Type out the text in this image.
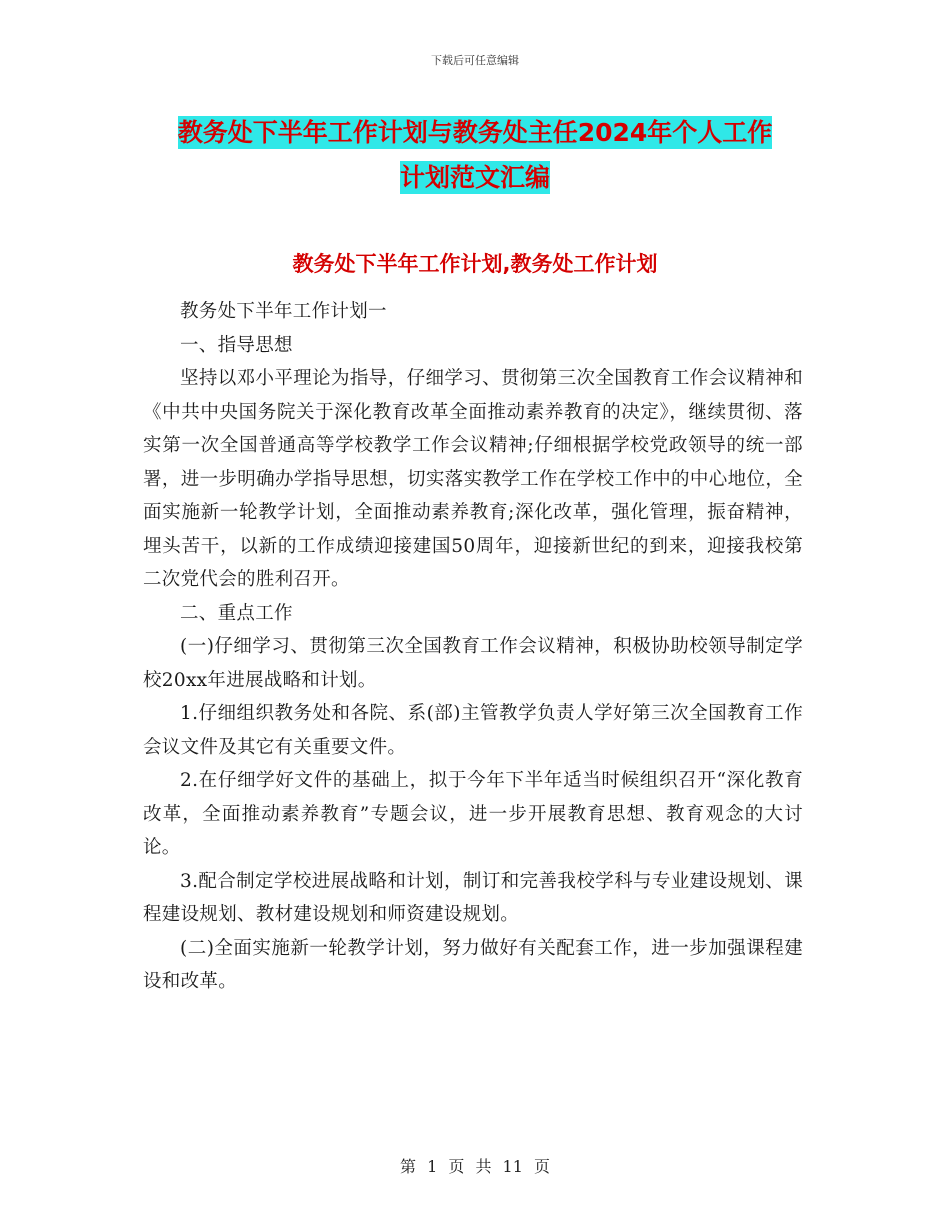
下载后可任意编辑
教务处下半年工作计划与教务处主任2024年个人工作
计划范文汇编
教务处下半年工作计划,教务处工作计划

教务处下半年工作计划一

一、指导思想

坚持以邓小平理论为指导，仔细学习、贯彻第三次全国教育工作会议精神和《中共中央国务院关于深化教育改革全面推动素养教育的决定》，继续贯彻、落实第一次全国普通高等学校教学工作会议精神;仔细根据学校党政领导的统一部署，进一步明确办学指导思想，切实落实教学工作在学校工作中的中心地位，全面实施新一轮教学计划，全面推动素养教育;深化改革，强化管理，振奋精神，埋头苦干，以新的工作成绩迎接建国50周年，迎接新世纪的到来，迎接我校第二次党代会的胜利召开。

二、重点工作

(一)仔细学习、贯彻第三次全国教育工作会议精神，积极协助校领导制定学校20xx年进展战略和计划。

1.仔细组织教务处和各院、系(部)主管教学负责人学好第三次全国教育工作会议文件及其它有关重要文件。

2.在仔细学好文件的基础上，拟于今年下半年适当时候组织召开“深化教育改革，全面推动素养教育”专题会议，进一步开展教育思想、教育观念的大讨论。

3.配合制定学校进展战略和计划，制订和完善我校学科与专业建设规划、课程建设规划、教材建设规划和师资建设规划。

(二)全面实施新一轮教学计划，努力做好有关配套工作，进一步加强课程建设和改革。

第 1 页 共 11 页
